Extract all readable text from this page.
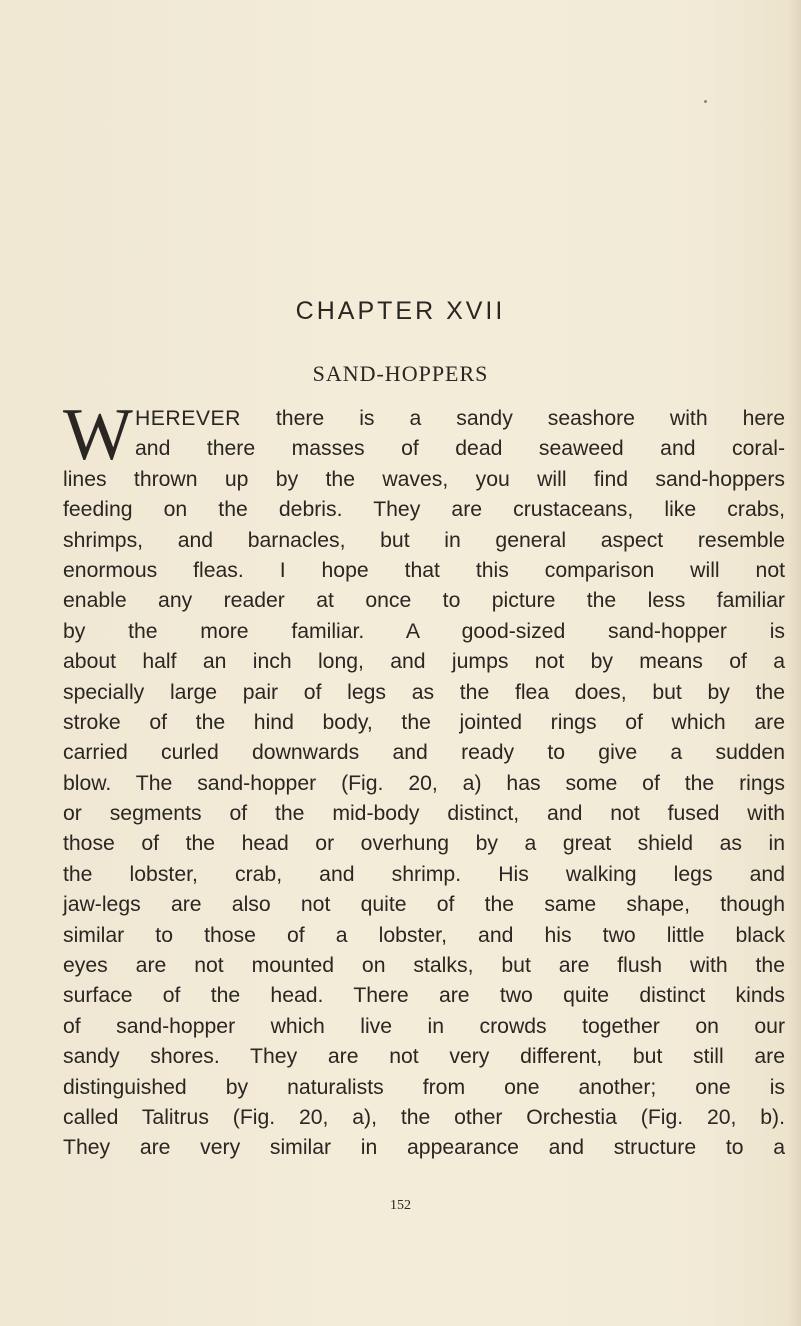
CHAPTER XVII
SAND-HOPPERS
W HEREVER there is a sandy seashore with here
and there masses of dead seaweed and coral-
lines thrown up by the waves, you will find sand-hoppers
feeding on the debris. They are crustaceans, like crabs,
shrimps, and barnacles, but in general aspect resemble
enormous fleas. I hope that this comparison will not
enable any reader at once to picture the less familiar
by the more familiar. A good-sized sand-hopper is
about half an inch long, and jumps not by means of a
specially large pair of legs as the flea does, but by the
stroke of the hind body, the jointed rings of which are
carried curled downwards and ready to give a sudden
blow. The sand-hopper (Fig. 20, a) has some of the rings
or segments of the mid-body distinct, and not fused with
those of the head or overhung by a great shield as in
the lobster, crab, and shrimp. His walking legs and
jaw-legs are also not quite of the same shape, though
similar to those of a lobster, and his two little black
eyes are not mounted on stalks, but are flush with the
surface of the head. There are two quite distinct kinds
of sand-hopper which live in crowds together on our
sandy shores. They are not very different, but still are
distinguished by naturalists from one another; one is
called Talitrus (Fig. 20, a), the other Orchestia (Fig. 20, b).
They are very similar in appearance and structure to a
152
